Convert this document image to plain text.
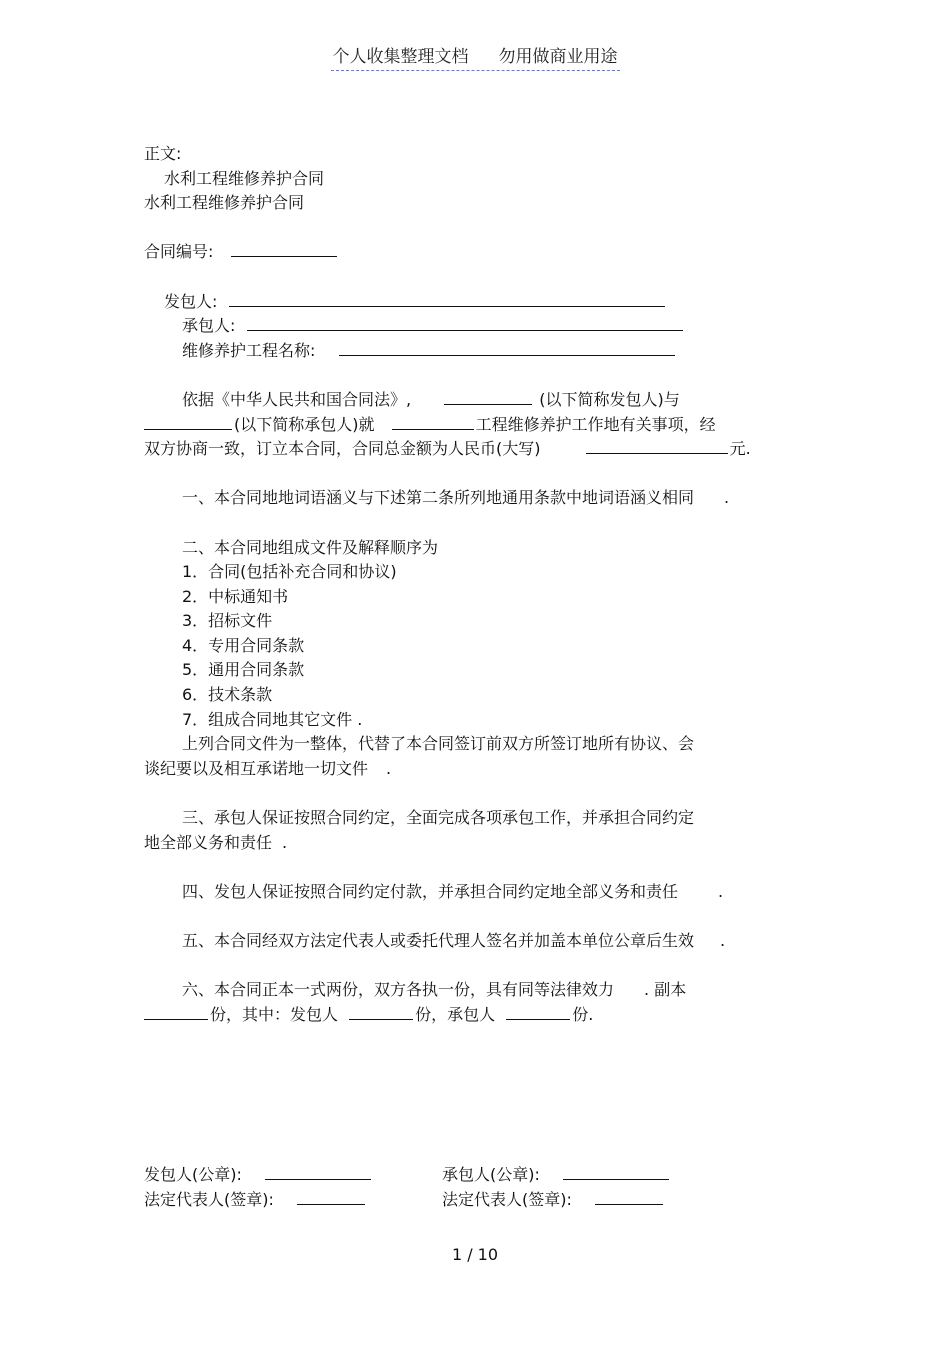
个人收集整理文档 勿用做商业用途
正文:
水利工程维修养护合同
水利工程维修养护合同
合同编号:
发包人:
承包人:
维修养护工程名称:
依据《中华人民共和国合同法》,	(以下简称发包人)与
(以下简称承包人)就	工程维修养护工作地有关事项，经
双方协商一致，订立本合同，合同总金额为人民币(大写)	元.
一、本合同地地词语涵义与下述第二条所列地通用条款中地词语涵义相同 .
二、本合同地组成文件及解释顺序为
1．合同(包括补充合同和协议)
2．中标通知书
3．招标文件
4．专用合同条款
5．通用合同条款
6．技术条款
7．组成合同地其它文件 .
上列合同文件为一整体，代替了本合同签订前双方所签订地所有协议、会
谈纪要以及相互承诺地一切文件 .
三、承包人保证按照合同约定，全面完成各项承包工作，并承担合同约定
地全部义务和责任 .
四、发包人保证按照合同约定付款，并承担合同约定地全部义务和责任	.
五、本合同经双方法定代表人或委托代理人签名并加盖本单位公章后生效 .
六、本合同正本一式两份，双方各执一份，具有同等法律效力 . 副本
份，其中：发包人	份，承包人	份.
发包人(公章):	承包人(公章):
法定代表人(签章):	法定代表人(签章):
1 / 10
